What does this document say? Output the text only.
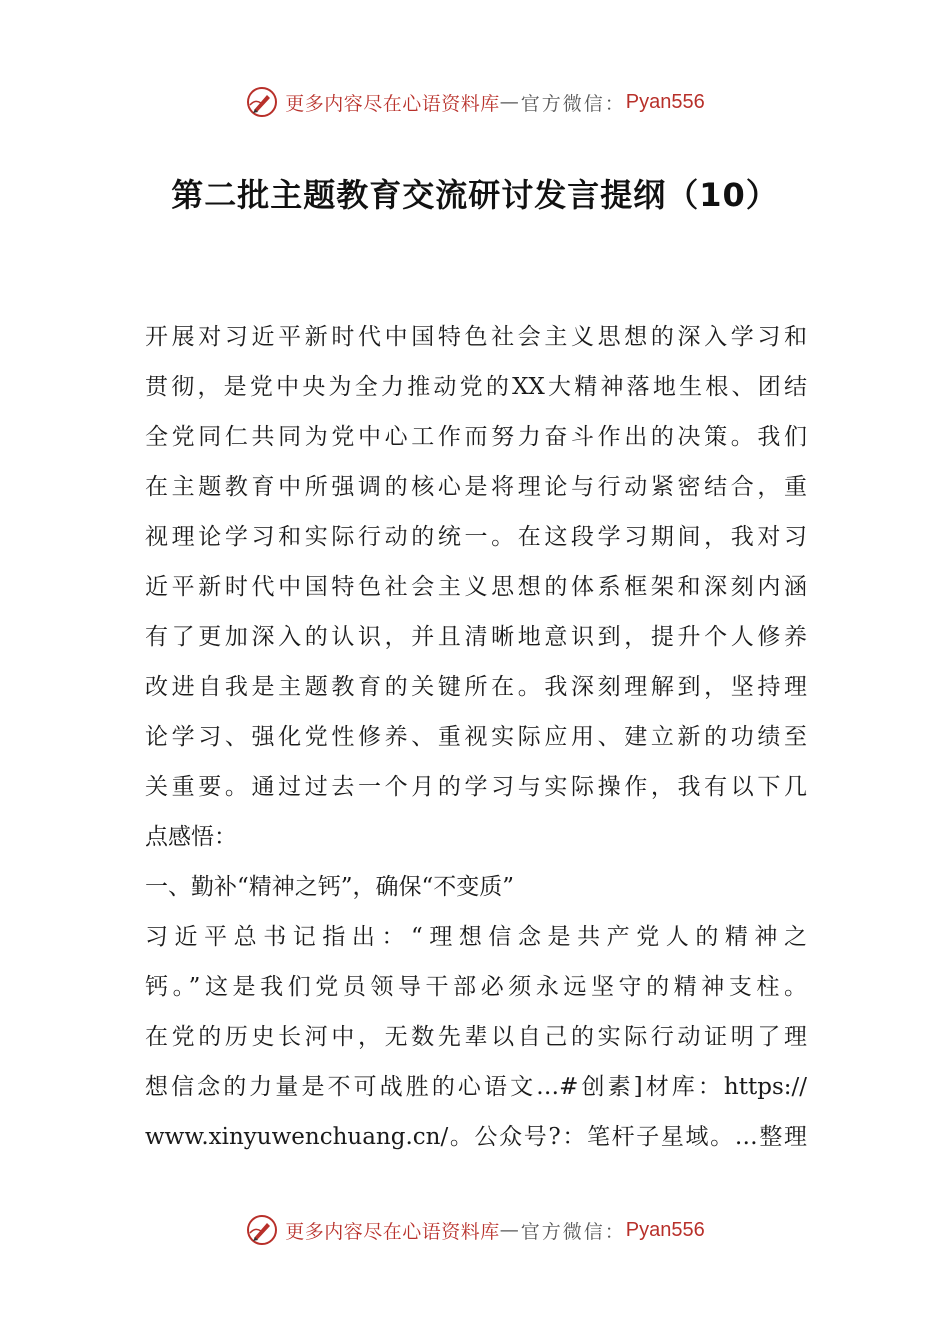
更多内容尽在心语资料库 — 官方微信： Pyan556
第二批主题教育交流研讨发言提纲（10）
开展对习近平新时代中国特色社会主义思想的深入学习和
贯彻，是党中央为全力推动党的XX大精神落地生根、团结
全党同仁共同为党中心工作而努力奋斗作出的决策。我们
在主题教育中所强调的核心是将理论与行动紧密结合，重
视理论学习和实际行动的统一。在这段学习期间，我对习
近平新时代中国特色社会主义思想的体系框架和深刻内涵
有了更加深入的认识，并且清晰地意识到，提升个人修养
改进自我是主题教育的关键所在。我深刻理解到，坚持理
论学习、强化党性修养、重视实际应用、建立新的功绩至
关重要。通过过去一个月的学习与实际操作，我有以下几
点感悟：
一、勤补“精神之钙”，确保“不变质”
习近平总书记指出：“理想信念是共产党人的精神之
钙。”这是我们党员领导干部必须永远坚守的精神支柱。
在党的历史长河中，无数先辈以自己的实际行动证明了理
想信念的力量是不可战胜的心语文…#创素]材库：https://
www.xinyuwenchuang.cn/。公众号?：笔杆子星域。…整理
更多内容尽在心语资料库 — 官方微信： Pyan556
